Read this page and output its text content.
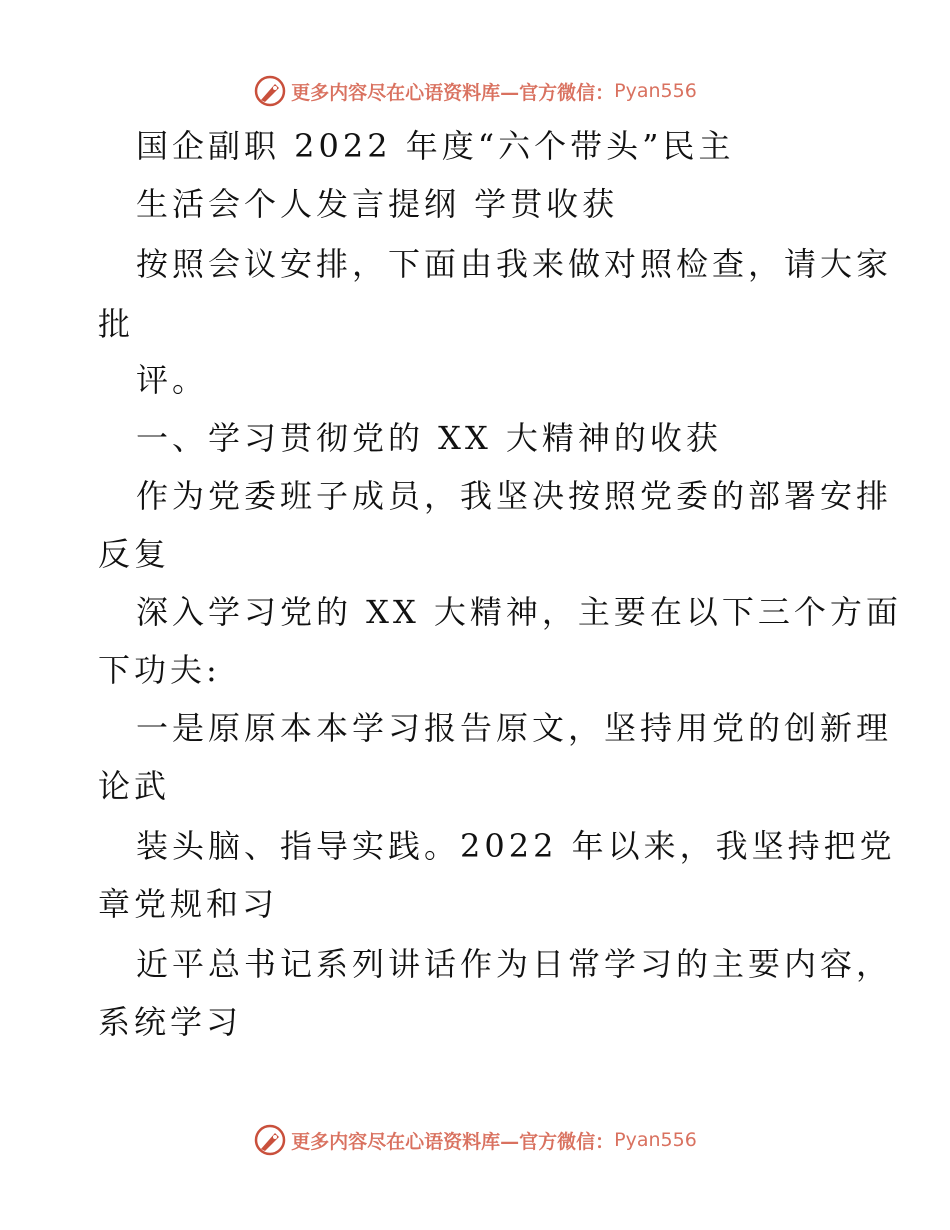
更多内容尽在心语资料库—官方微信： Pyan556
国企副职 2022 年度“六个带头”民主
生活会个人发言提纲 学贯收获
按照会议安排，下面由我来做对照检查，请大家
批
评。
一、学习贯彻党的 XX 大精神的收获
作为党委班子成员，我坚决按照党委的部署安排
反复
深入学习党的 XX 大精神，主要在以下三个方面
下功夫:
一是原原本本学习报告原文，坚持用党的创新理
论武
装头脑、指导实践。2022 年以来，我坚持把党
章党规和习
近平总书记系列讲话作为日常学习的主要内容，
系统学习
更多内容尽在心语资料库—官方微信： Pyan556
